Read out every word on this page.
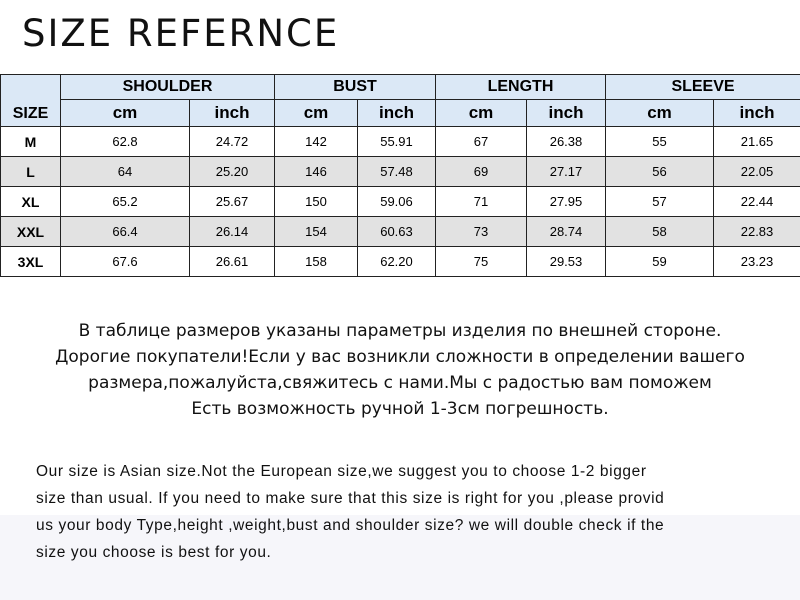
SIZE REFERNCE
SIZE	SHOULDER		BUST		LENGTH		SLEEVE	
	cm	inch	cm	inch	cm	inch	cm	inch
M	62.8	24.72	142	55.91	67	26.38	55	21.65
L	64	25.20	146	57.48	69	27.17	56	22.05
XL	65.2	25.67	150	59.06	71	27.95	57	22.44
XXL	66.4	26.14	154	60.63	73	28.74	58	22.83
3XL	67.6	26.61	158	62.20	75	29.53	59	23.23
В таблице размеров указаны параметры изделия по внешней стороне.
Дорогие покупатели!Если у вас возникли сложности в определении вашего
размера,пожалуйста,свяжитесь с нами.Мы с радостью вам поможем
Есть возможность ручной 1-3см погрешность.
Our size is Asian size.Not the European size,we suggest you to choose 1-2 bigger
size than usual. If you need to make sure that this size is right for you ,please provid
us your body Type,height ,weight,bust and shoulder size? we will double check if the
size you choose is best for you.
